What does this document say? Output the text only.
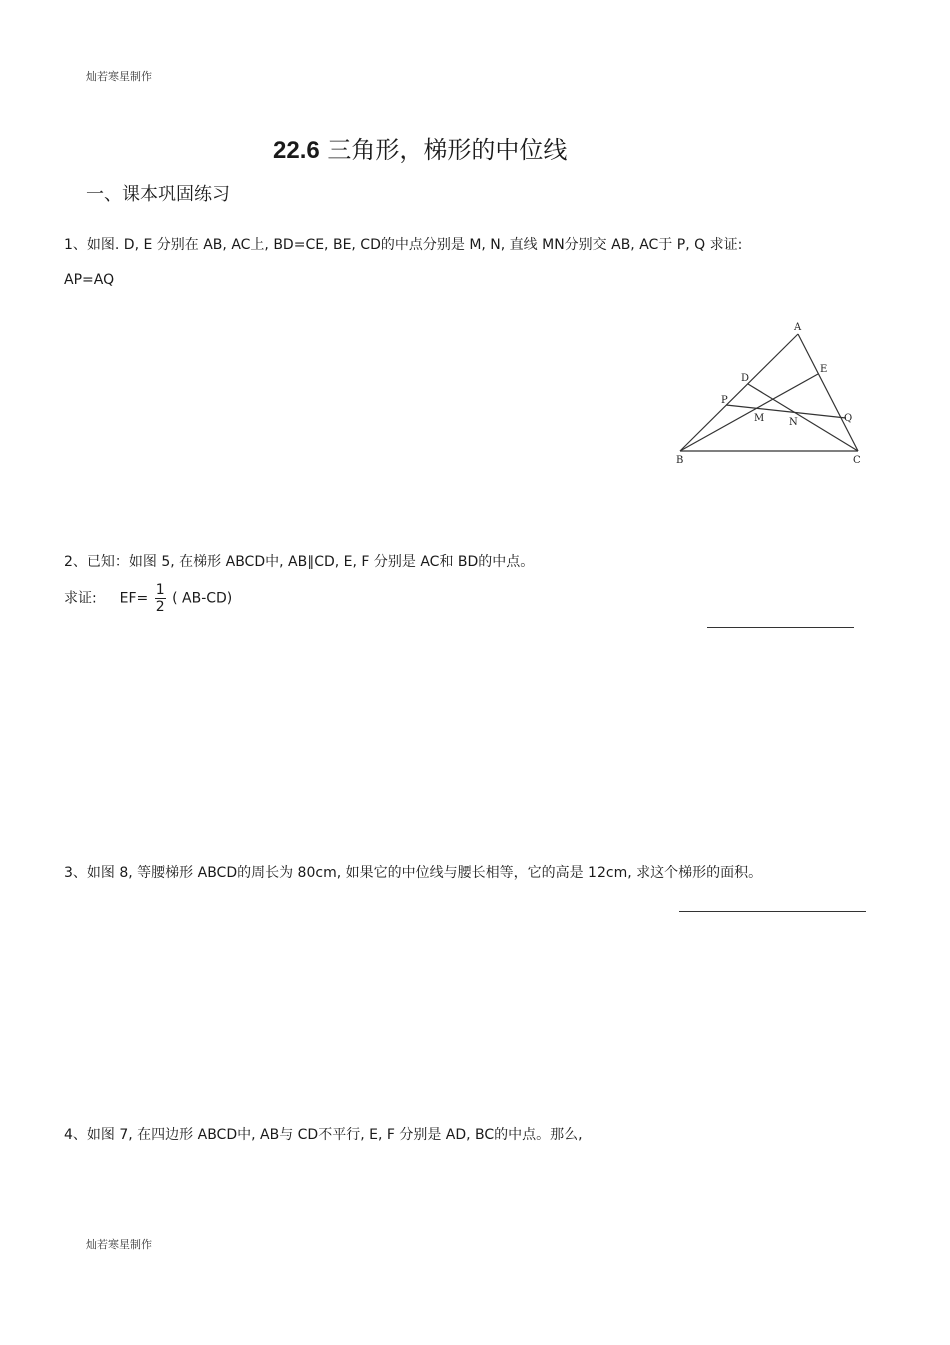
灿若寒星制作
22.6 三角形，梯形的中位线
一、课本巩固练习
1、如图. D, E 分别在 AB, AC上, BD=CE, BE, CD的中点分别是 M, N, 直线 MN分别交 AB, AC于 P, Q 求证:
AP=AQ
A
E
D
P
M N	Q
B	C
2、已知：如图 5, 在梯形 ABCD中, AB∥CD, E, F 分别是 AC和 BD的中点。
求证: $EF= \frac{1}{2}$ ( AB-CD)
3、如图 8, 等腰梯形 ABCD的周长为 80cm, 如果它的中位线与腰长相等，它的高是 12cm, 求这个梯形的面积。
4、如图 7, 在四边形 ABCD中, AB与 CD不平行, E, F 分别是 AD, BC的中点。那么,
灿若寒星制作
